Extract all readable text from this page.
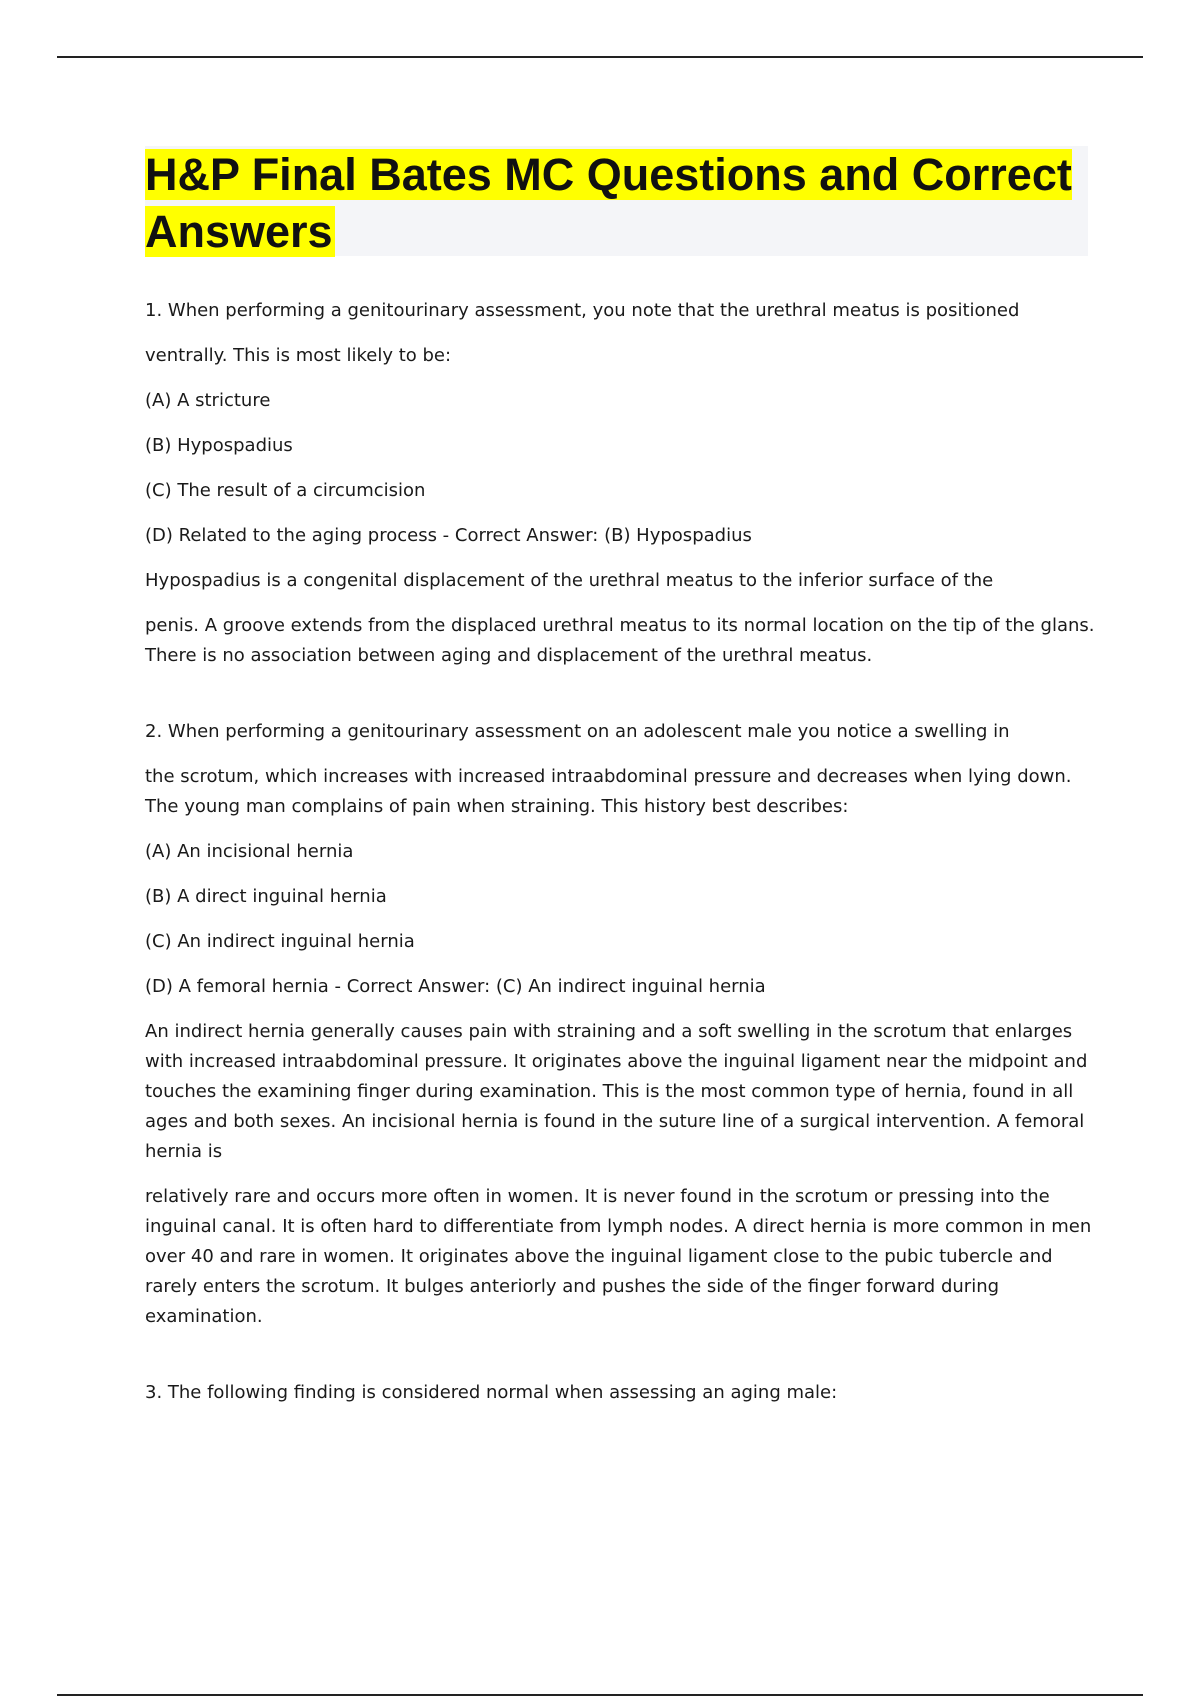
H&P Final Bates MC Questions and Correct Answers

1. When performing a genitourinary assessment, you note that the urethral meatus is positioned

ventrally. This is most likely to be:

(A) A stricture

(B) Hypospadius

(C) The result of a circumcision

(D) Related to the aging process - Correct Answer: (B) Hypospadius

Hypospadius is a congenital displacement of the urethral meatus to the inferior surface of the

penis. A groove extends from the displaced urethral meatus to its normal location on the tip of the glans. There is no association between aging and displacement of the urethral meatus.

2. When performing a genitourinary assessment on an adolescent male you notice a swelling in

the scrotum, which increases with increased intraabdominal pressure and decreases when lying down. The young man complains of pain when straining. This history best describes:

(A) An incisional hernia

(B) A direct inguinal hernia

(C) An indirect inguinal hernia

(D) A femoral hernia - Correct Answer: (C) An indirect inguinal hernia

An indirect hernia generally causes pain with straining and a soft swelling in the scrotum that enlarges with increased intraabdominal pressure. It originates above the inguinal ligament near the midpoint and touches the examining finger during examination. This is the most common type of hernia, found in all ages and both sexes. An incisional hernia is found in the suture line of a surgical intervention. A femoral hernia is

relatively rare and occurs more often in women. It is never found in the scrotum or pressing into the inguinal canal. It is often hard to differentiate from lymph nodes. A direct hernia is more common in men over 40 and rare in women. It originates above the inguinal ligament close to the pubic tubercle and rarely enters the scrotum. It bulges anteriorly and pushes the side of the finger forward during examination.

3. The following finding is considered normal when assessing an aging male:
